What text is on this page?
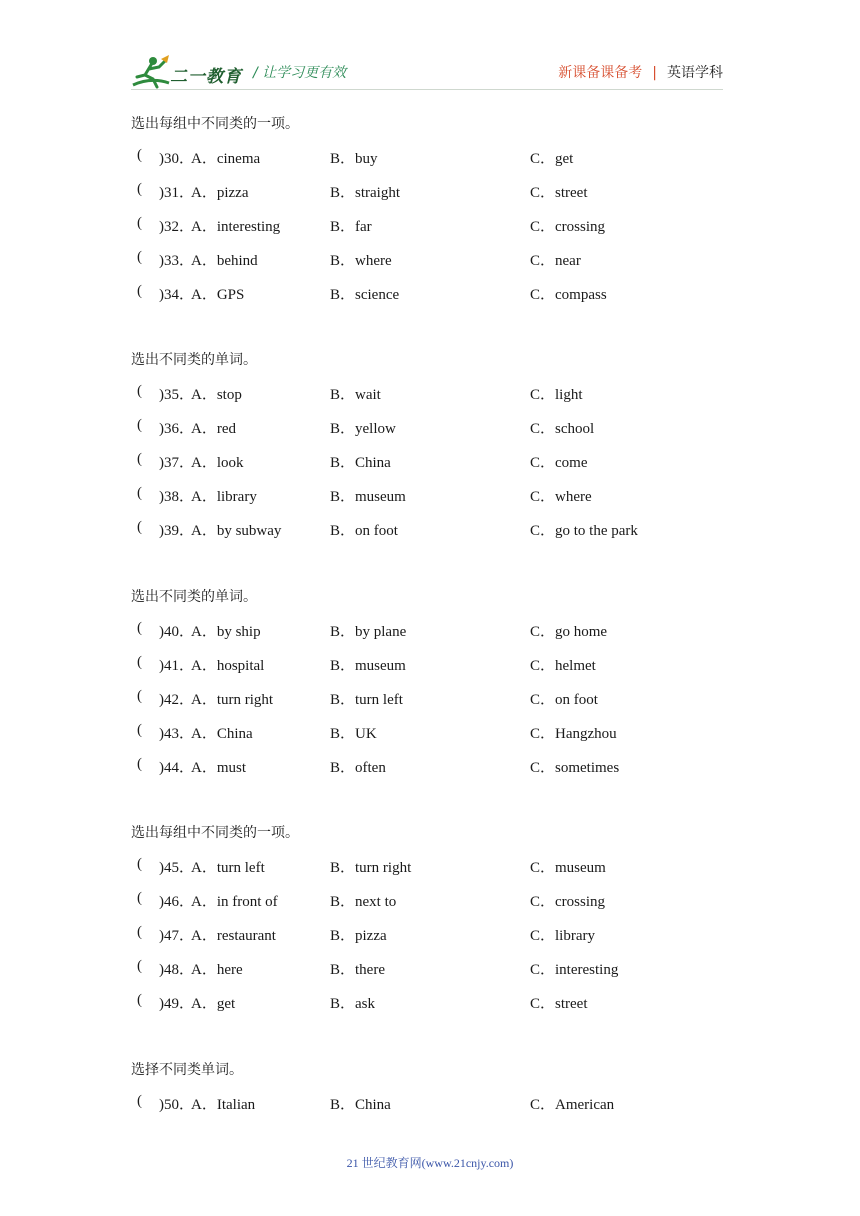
二一教育 / 让学习更有效	新课备课备考 | 英语学科
选出每组中不同类的一项。
( )30．
A．cinema	B．buy	C．get
( )31．
A．pizza	B．straight	C．street
( )32．
A．interesting	B．far	C．crossing
( )33．
A．behind	B．where	C．near
( )34．
A．GPS	B．science	C．compass
选出不同类的单词。
( )35．
A．stop	B．wait	C．light
( )36．
A．red	B．yellow	C．school
( )37．
A．look	B．China	C．come
( )38．
A．library	B．museum	C．where
( )39．
A．by subway	B．on foot	C．go to the park
选出不同类的单词。
( )40．
A．by ship	B．by plane	C．go home
( )41．
A．hospital	B．museum	C．helmet
( )42．
A．turn right	B．turn left	C．on foot
( )43．
A．China	B．UK	C．Hangzhou
( )44．
A．must	B．often	C．sometimes
选出每组中不同类的一项。
( )45．
A．turn left	B．turn right	C．museum
( )46．
A．in front of	B．next to	C．crossing
( )47．
A．restaurant	B．pizza	C．library
( )48．
A．here	B．there	C．interesting
( )49．
A．get	B．ask	C．street
选择不同类单词。
( )50．
A．Italian	B．China	C．American
21 世纪教育网(www.21cnjy.com)
